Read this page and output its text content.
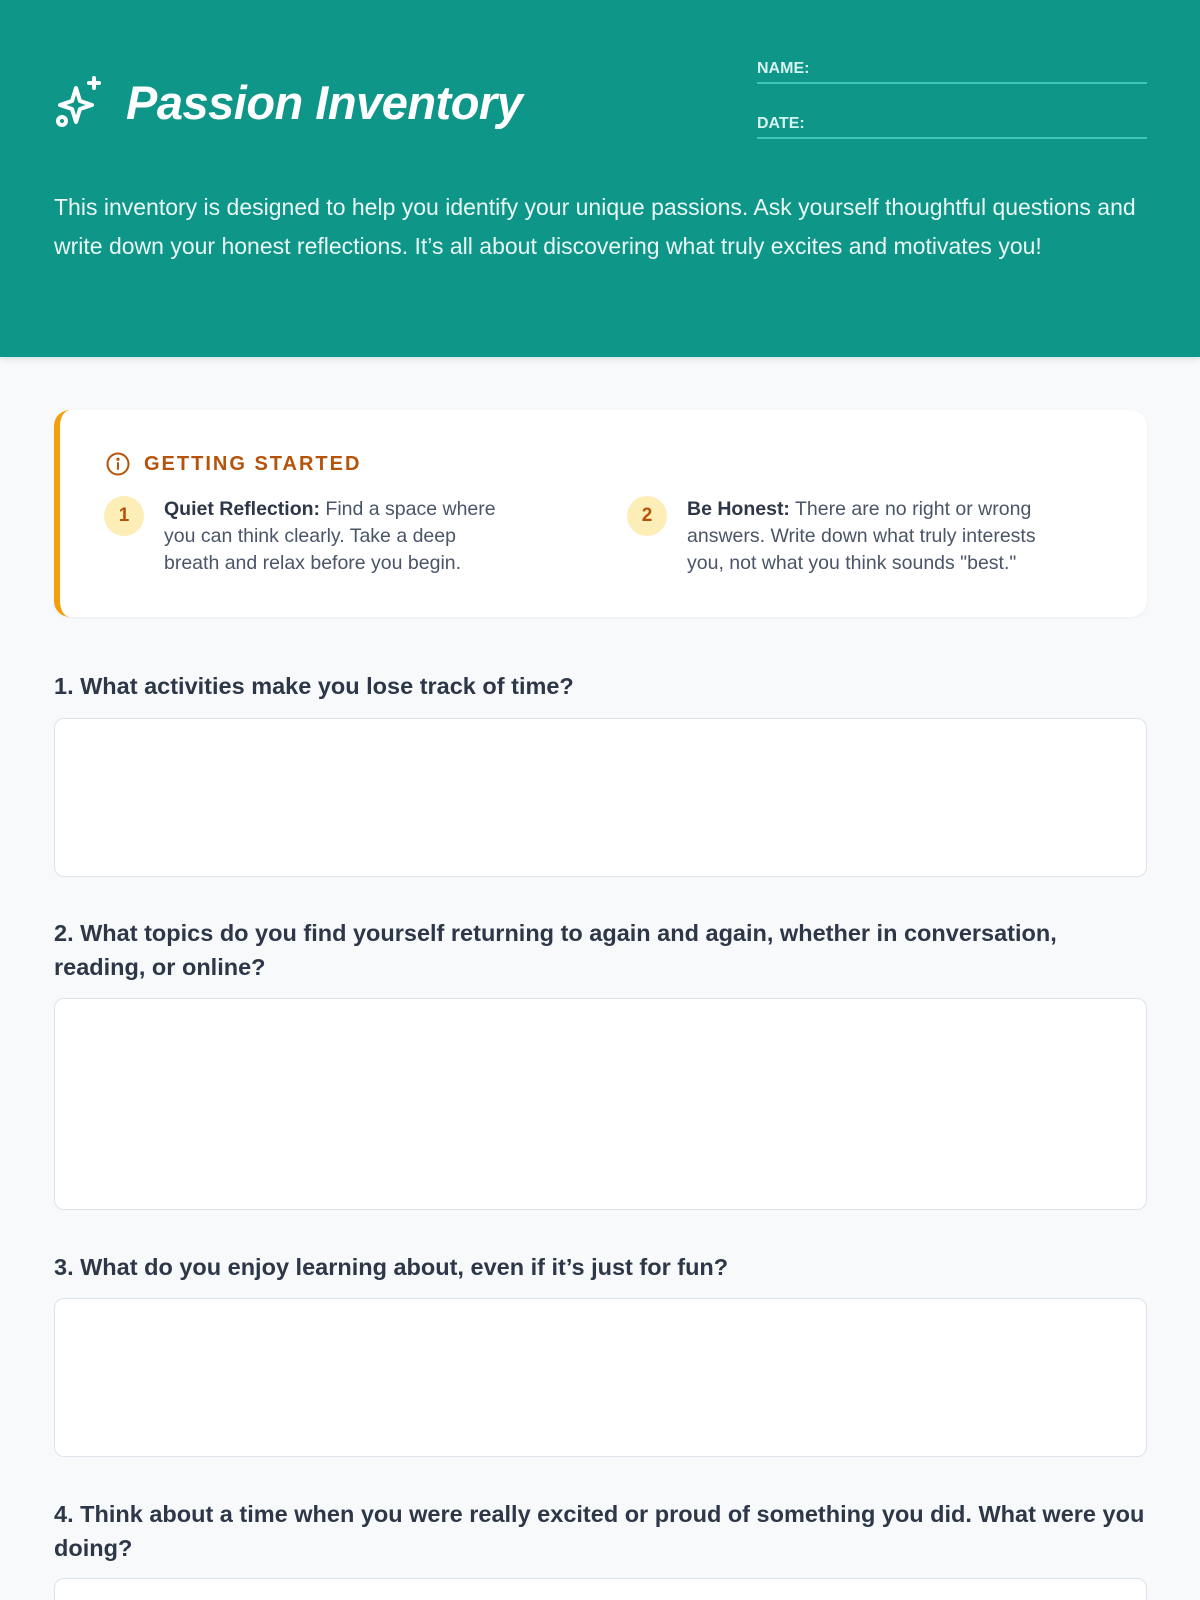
Passion Inventory
NAME:
DATE:

This inventory is designed to help you identify your unique passions. Ask yourself thoughtful questions and write down your honest reflections. It’s all about discovering what truly excites and motivates you!

GETTING STARTED
1	Quiet Reflection: Find a space where you can think clearly. Take a deep breath and relax before you begin.

2	Be Honest: There are no right or wrong answers. Write down what truly interests you, not what you think sounds "best."

1. What activities make you lose track of time?
2. What topics do you find yourself returning to again and again, whether in conversation, reading, or online?
3. What do you enjoy learning about, even if it’s just for fun?
4. Think about a time when you were really excited or proud of something you did. What were you doing?
